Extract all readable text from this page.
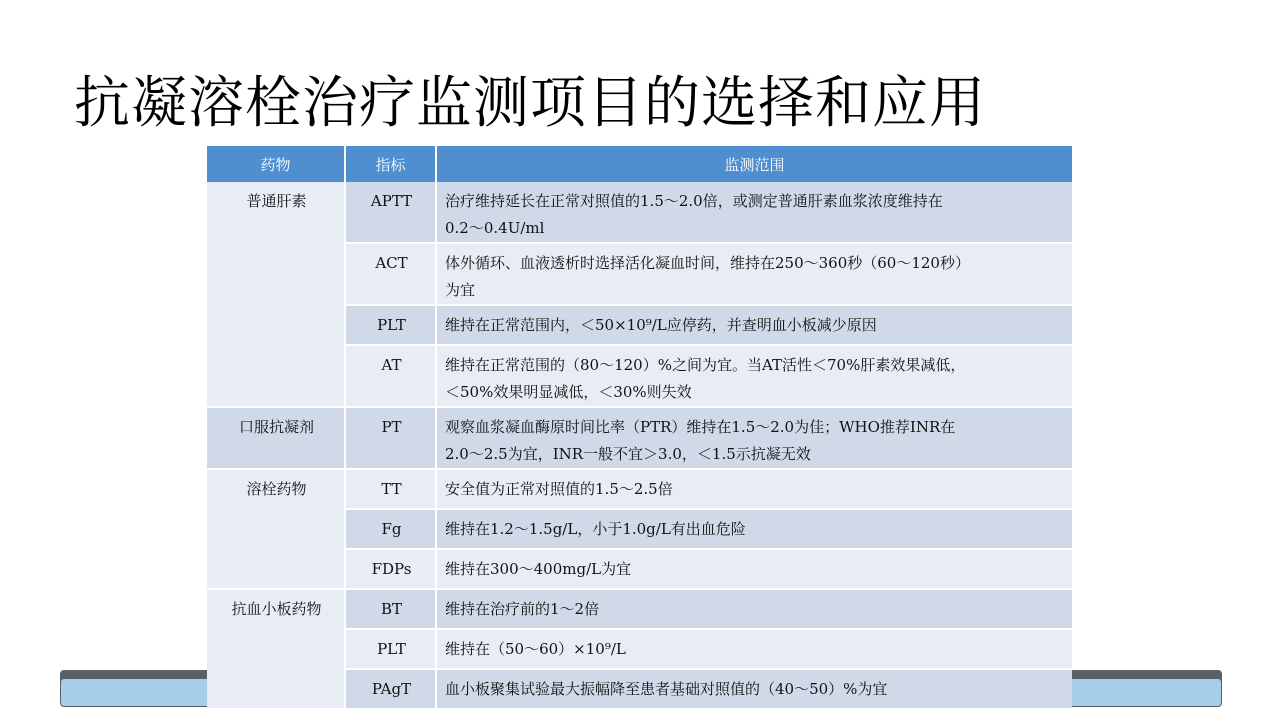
抗凝溶栓治疗监测项目的选择和应用
药物	指标	监测范围
普通肝素	APTT	治疗维持延长在正常对照值的1.5～2.0倍，或测定普通肝素血浆浓度维持在
0.2～0.4U/ml

	ACT	体外循环、血液透析时选择活化凝血时间，维持在250～360秒（60～120秒）
为宜

	PLT	维持在正常范围内，＜50×10⁹/L应停药，并查明血小板减少原因

	AT	维持在正常范围的（80～120）%之间为宜。当AT活性＜70%肝素效果减低，
＜50%效果明显减低，＜30%则失效

口服抗凝剂	PT	观察血浆凝血酶原时间比率（PTR）维持在1.5～2.0为佳；WHO推荐INR在
2.0～2.5为宜，INR一般不宜＞3.0，＜1.5示抗凝无效

溶栓药物	TT	安全值为正常对照值的1.5～2.5倍

	Fg	维持在1.2～1.5g/L，小于1.0g/L有出血危险

	FDPs	维持在300～400mg/L为宜

抗血小板药物	BT	维持在治疗前的1～2倍

	PLT	维持在（50～60）×10⁹/L

	PAgT	血小板聚集试验最大振幅降至患者基础对照值的（40～50）%为宜
